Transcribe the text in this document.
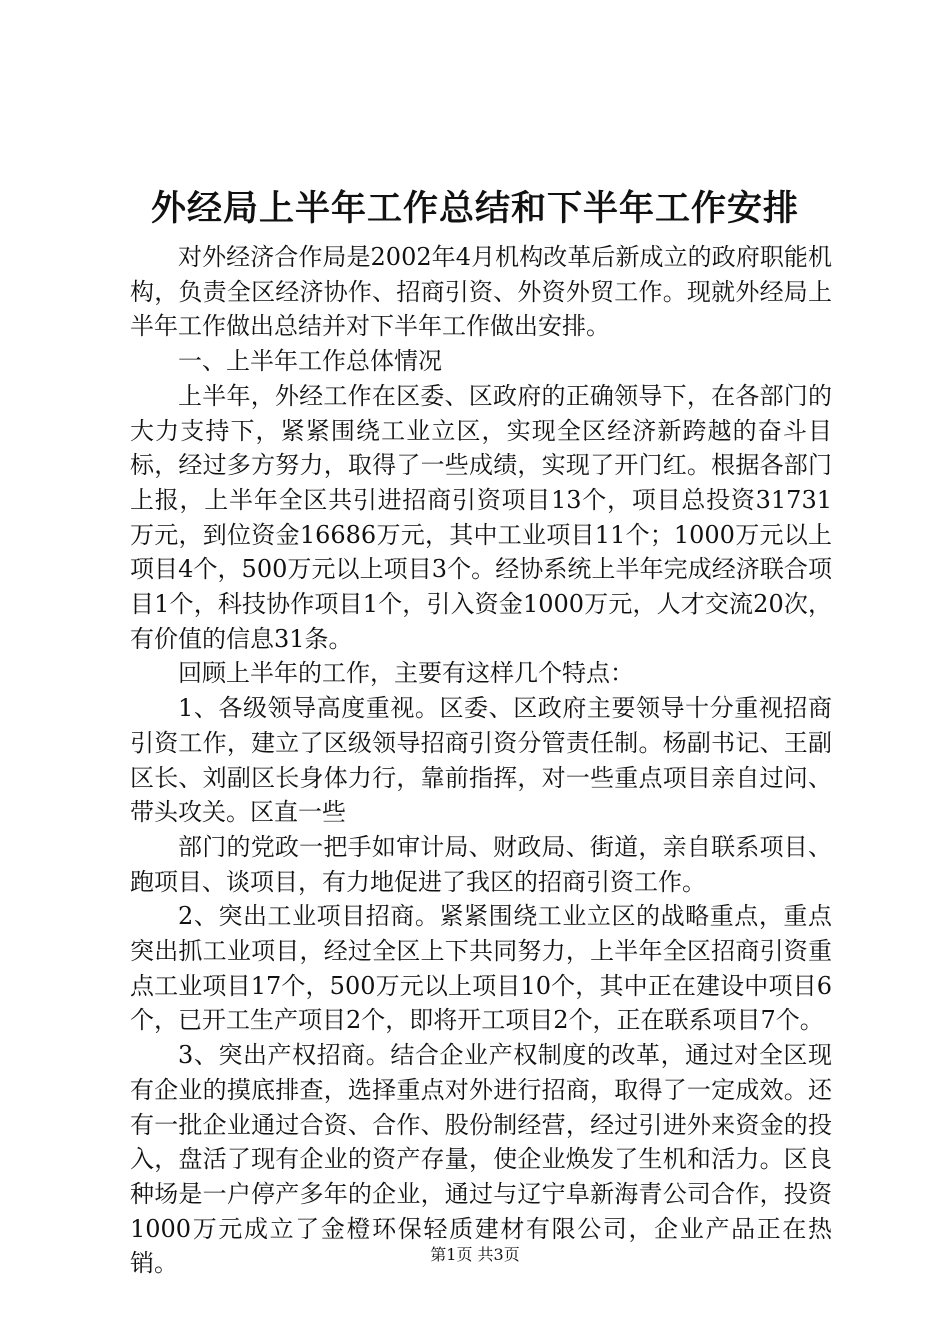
外经局上半年工作总结和下半年工作安排

对外经济合作局是2002年4月机构改革后新成立的政府职能机构，负责全区经济协作、招商引资、外资外贸工作。现就外经局上半年工作做出总结并对下半年工作做出安排。

一、上半年工作总体情况

上半年，外经工作在区委、区政府的正确领导下，在各部门的大力支持下，紧紧围绕工业立区，实现全区经济新跨越的奋斗目标，经过多方努力，取得了一些成绩，实现了开门红。根据各部门上报，上半年全区共引进招商引资项目13个，项目总投资31731万元，到位资金16686万元，其中工业项目11个；1000万元以上项目4个，500万元以上项目3个。经协系统上半年完成经济联合项目1个，科技协作项目1个，引入资金1000万元，人才交流20次，有价值的信息31条。

回顾上半年的工作，主要有这样几个特点：

1、各级领导高度重视。区委、区政府主要领导十分重视招商引资工作，建立了区级领导招商引资分管责任制。杨副书记、王副区长、刘副区长身体力行，靠前指挥，对一些重点项目亲自过问、带头攻关。区直一些

部门的党政一把手如审计局、财政局、街道，亲自联系项目、跑项目、谈项目，有力地促进了我区的招商引资工作。

2、突出工业项目招商。紧紧围绕工业立区的战略重点，重点突出抓工业项目，经过全区上下共同努力，上半年全区招商引资重点工业项目17个，500万元以上项目10个，其中正在建设中项目6个，已开工生产项目2个，即将开工项目2个，正在联系项目7个。

3、突出产权招商。结合企业产权制度的改革，通过对全区现有企业的摸底排查，选择重点对外进行招商，取得了一定成效。还有一批企业通过合资、合作、股份制经营，经过引进外来资金的投入，盘活了现有企业的资产存量，使企业焕发了生机和活力。区良种场是一户停产多年的企业，通过与辽宁阜新海青公司合作，投资1000万元成立了金橙环保轻质建材有限公司，企业产品正在热销。	第1页 共3页
